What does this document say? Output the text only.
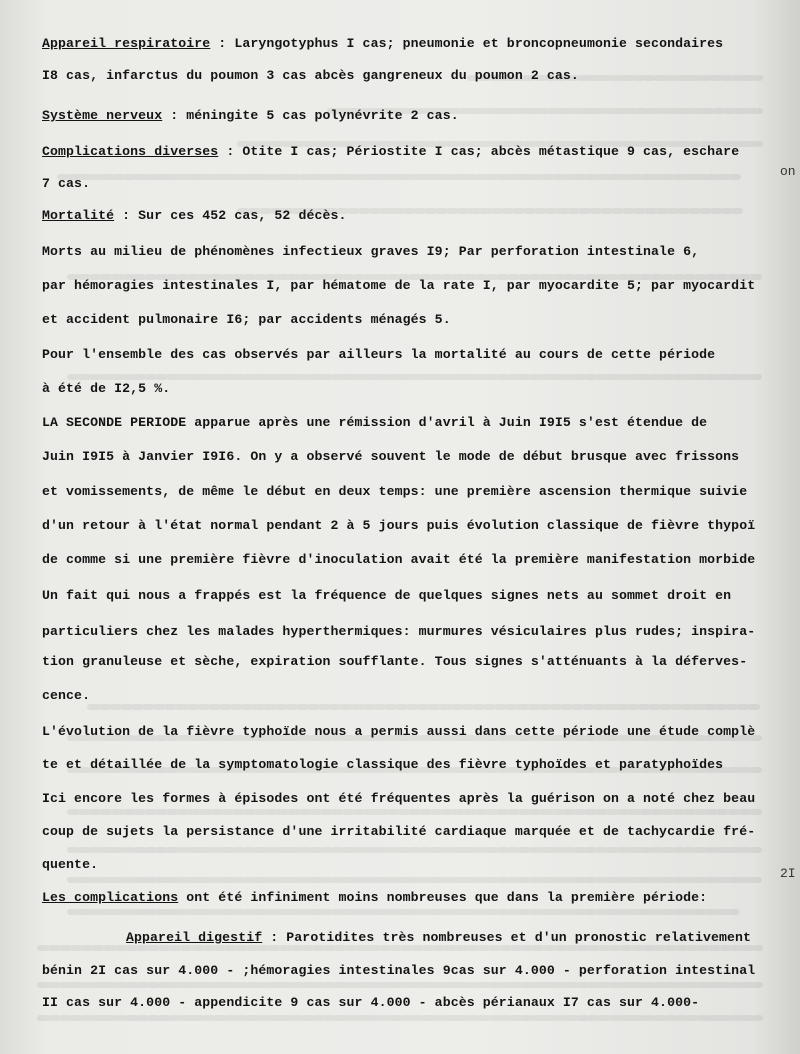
on
2I
Appareil respiratoire : Laryngotyphus I cas; pneumonie et broncopneumonie secondaires
I8 cas, infarctus du poumon 3 cas abcès gangreneux du poumon 2 cas.
Système nerveux : méningite 5 cas polynévrite 2 cas.
Complications diverses : Otite I cas; Périostite I cas; abcès métastique 9 cas, eschare
7 cas.
Mortalité : Sur ces 452 cas, 52 décès.
Morts au milieu de phénomènes infectieux graves I9; Par perforation intestinale 6,
par hémoragies intestinales I, par hématome de la rate I, par myocardite 5; par myocardit
et accident pulmonaire I6; par accidents ménagés 5.
Pour l'ensemble des cas observés par ailleurs la mortalité au cours de cette période
à été de I2,5 %.
LA SECONDE PERIODE apparue après une rémission d'avril à Juin I9I5 s'est étendue de
Juin I9I5 à Janvier I9I6. On y a observé souvent le mode de début brusque avec frissons
et vomissements, de même le début en deux temps: une première ascension thermique suivie
d'un retour à l'état normal pendant 2 à 5 jours puis évolution classique de fièvre thypoï
de comme si une première fièvre d'inoculation avait été la première manifestation morbide
Un fait qui nous a frappés est la fréquence de quelques signes nets au sommet droit en
particuliers chez les malades hyperthermiques: murmures vésiculaires plus rudes; inspira-
tion granuleuse et sèche, expiration soufflante. Tous signes s'atténuants à la déferves-
cence.
L'évolution de la fièvre typhoïde nous a permis aussi dans cette période une étude complè
te et détaillée de la symptomatologie classique des fièvre typhoïdes et paratyphoïdes
Ici encore les formes à épisodes ont été fréquentes après la guérison on a noté chez beau
coup de sujets la persistance d'une irritabilité cardiaque marquée et de tachycardie fré-
quente.
Les complications ont été infiniment moins nombreuses que dans la première période:
Appareil digestif : Parotidites très nombreuses et d'un pronostic relativement
bénin 2I cas sur 4.000 - ;hémoragies intestinales 9cas sur 4.000 - perforation intestinal
II cas sur 4.000 - appendicite 9 cas sur 4.000 - abcès périanaux I7 cas sur 4.000-
